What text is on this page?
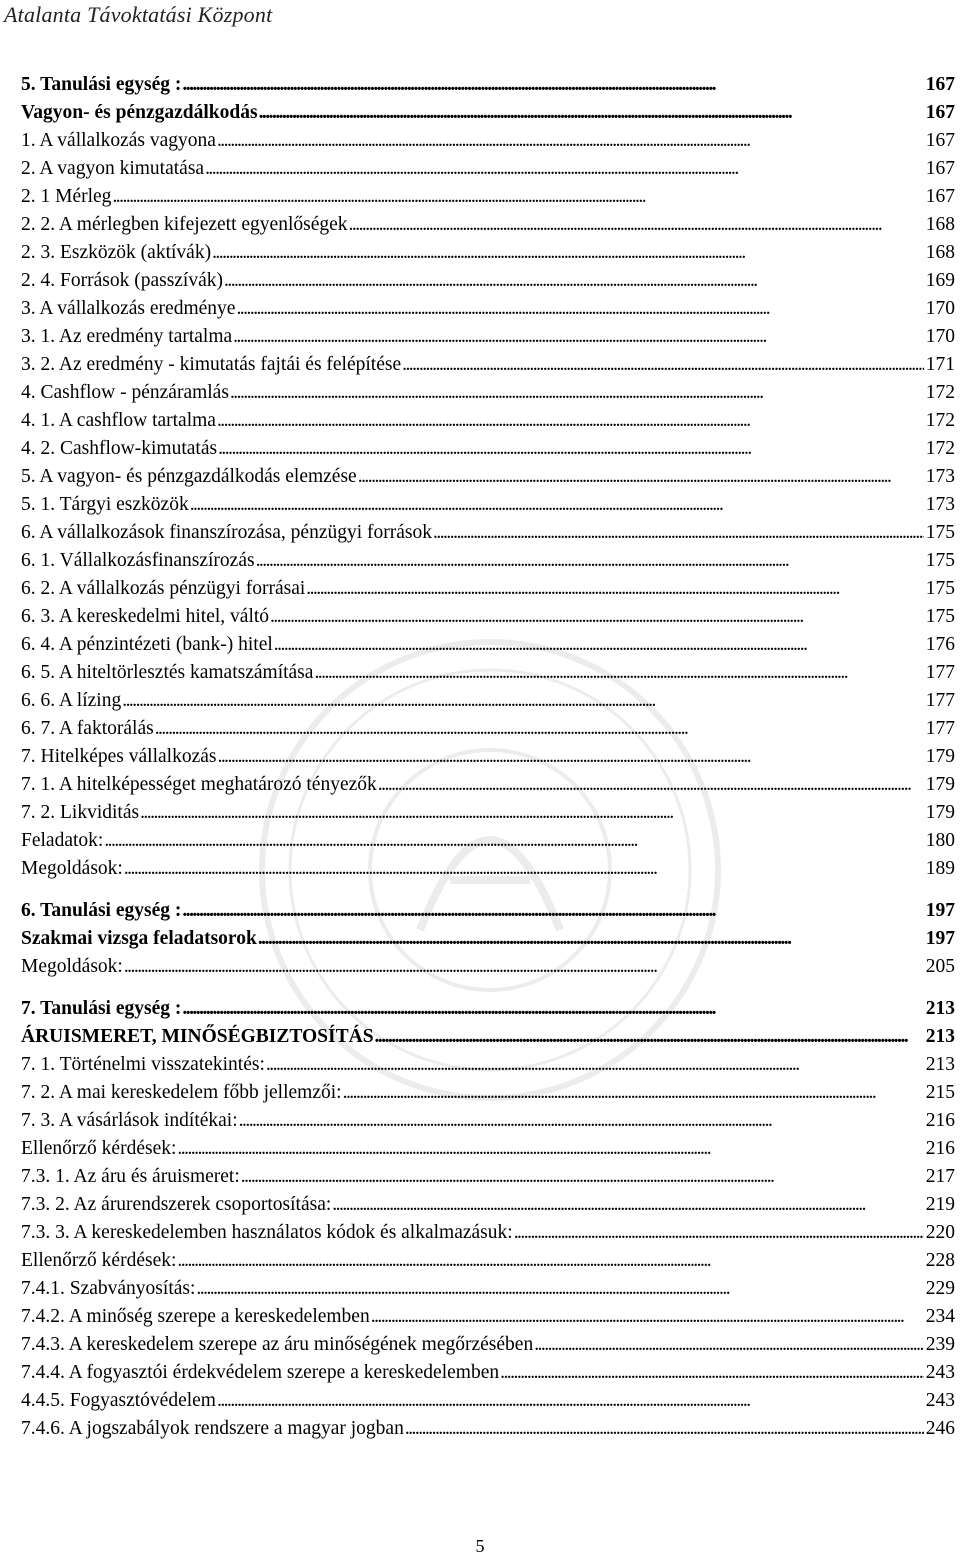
Atalanta Távoktatási Központ
5. Tanulási egység : . . .	167
Vagyon- és pénzgazdálkodás . . .	167
1. A vállalkozás vagyona . . .	167
2. A vagyon kimutatása . . .	167
2. 1 Mérleg . . .	167
2. 2. A mérlegben kifejezett egyenlőségek . . .	168
2. 3. Eszközök (aktívák) . . .	168
2. 4. Források (passzívák) . . .	169
3. A vállalkozás eredménye . . .	170
3. 1. Az eredmény tartalma . . .	170
3. 2. Az eredmény - kimutatás fajtái és felépítése . . .	171
4. Cashflow - pénzáramlás . . .	172
4. 1. A cashflow tartalma . . .	172
4. 2. Cashflow-kimutatás . . .	172
5. A vagyon- és pénzgazdálkodás elemzése . . .	173
5. 1. Tárgyi eszközök . . .	173
6. A vállalkozások finanszírozása, pénzügyi források . . .	175
6. 1. Vállalkozásfinanszírozás . . .	175
6. 2. A vállalkozás pénzügyi forrásai . . .	175
6. 3. A kereskedelmi hitel, váltó . . .	175
6. 4. A pénzintézeti (bank-) hitel . . .	176
6. 5. A hiteltörlesztés kamatszámítása . . .	177
6. 6. A lízing . . .	177
6. 7. A faktorálás . . .	177
7. Hitelképes vállalkozás . . .	179
7. 1. A hitelképességet meghatározó tényezők . . .	179
7. 2. Likviditás . . .	179
Feladatok: . . .	180
Megoldások: . . .	189
6. Tanulási egység : . . .	197
Szakmai vizsga feladatsorok . . .	197
Megoldások: . . .	205
7. Tanulási egység : . . .	213
ÁRUISMERET, MINŐSÉGBIZTOSÍTÁS . . .	213
7. 1. Történelmi visszatekintés: . . .	213
7. 2. A mai kereskedelem főbb jellemzői: . . .	215
7. 3. A vásárlások indítékai: . . .	216
Ellenőrző kérdések: . . .	216
7.3. 1. Az áru és áruismeret: . . .	217
7.3. 2. Az árurendszerek csoportosítása: . . .	219
7.3. 3. A kereskedelemben használatos kódok és alkalmazásuk: . . .	220
Ellenőrző kérdések: . . .	228
7.4.1. Szabványosítás: . . .	229
7.4.2. A minőség szerepe a kereskedelemben . . .	234
7.4.3. A kereskedelem szerepe az áru minőségének megőrzésében . . .	239
7.4.4. A fogyasztói érdekvédelem szerepe a kereskedelemben . . .	243
4.4.5. Fogyasztóvédelem . . .	243
7.4.6. A jogszabályok rendszere a magyar jogban . . .	246
5
